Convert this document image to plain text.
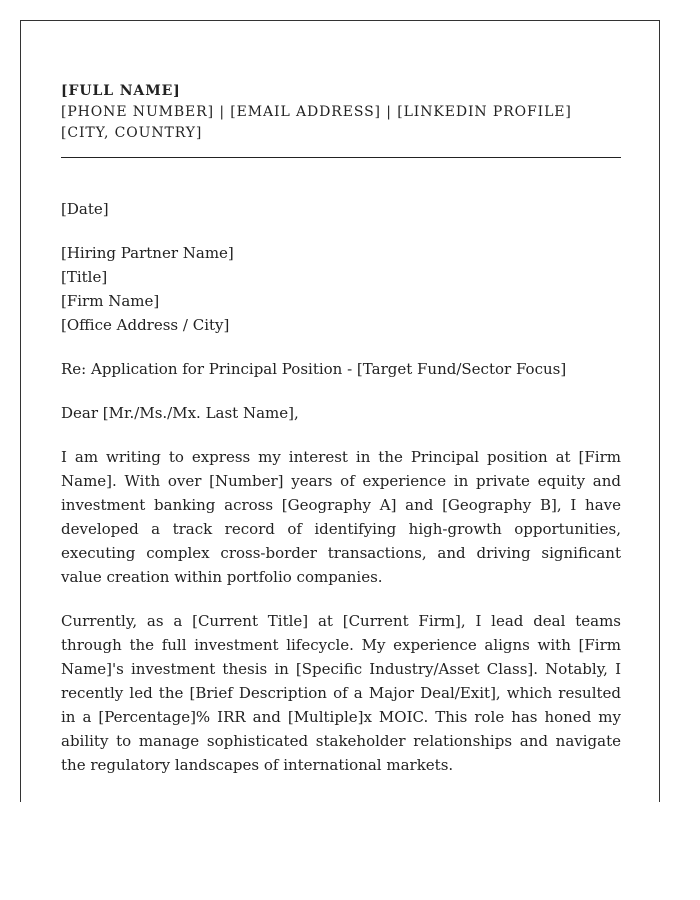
[FULL NAME]
[PHONE NUMBER] | [EMAIL ADDRESS] | [LINKEDIN PROFILE]
[CITY, COUNTRY]
[Date]
[Hiring Partner Name]
[Title]
[Firm Name]
[Office Address / City]
Re: Application for Principal Position - [Target Fund/Sector Focus]
Dear [Mr./Ms./Mx. Last Name],
I am writing to express my interest in the Principal position at [Firm Name]. With over [Number] years of experience in private equity and investment banking across [Geography A] and [Geography B], I have developed a track record of identifying high-growth opportunities, executing complex cross-border transactions, and driving significant value creation within portfolio companies.
Currently, as a [Current Title] at [Current Firm], I lead deal teams through the full investment lifecycle. My experience aligns with [Firm Name]'s investment thesis in [Specific Industry/Asset Class]. Notably, I recently led the [Brief Description of a Major Deal/Exit], which resulted in a [Percentage]% IRR and [Multiple]x MOIC. This role has honed my ability to manage sophisticated stakeholder relationships and navigate the regulatory landscapes of international markets.
